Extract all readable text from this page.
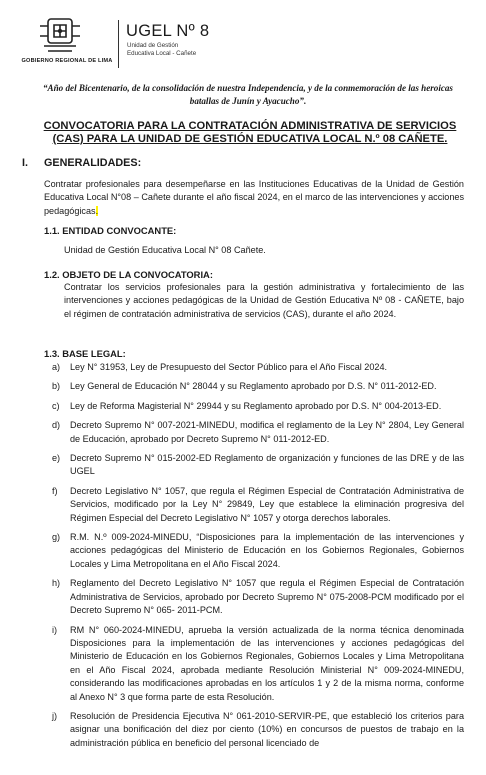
GOBIERNO REGIONAL DE LIMA
UGEL Nº 8
Unidad de Gestión
Educativa Local - Cañete
“Año del Bicentenario, de la consolidación de nuestra Independencia, y de la conmemoración de las heroicas batallas de Junín y Ayacucho”.
CONVOCATORIA PARA LA CONTRATACIÓN ADMINISTRATIVA DE SERVICIOS
(CAS) PARA LA UNIDAD DE GESTIÓN EDUCATIVA LOCAL N.º 08 CAÑETE.
I. GENERALIDADES:
Contratar profesionales para desempeñarse en las Instituciones Educativas de la Unidad de Gestión Educativa Local N°08 – Cañete durante el año fiscal 2024, en el marco de las intervenciones y acciones pedagógicas.
1.1. ENTIDAD CONVOCANTE:
Unidad de Gestión Educativa Local N° 08 Cañete.
1.2. OBJETO DE LA CONVOCATORIA:
Contratar los servicios profesionales para la gestión administrativa y fortalecimiento de las intervenciones y acciones pedagógicas de la Unidad de Gestión Educativa Nº 08 - CAÑETE, bajo el régimen de contratación administrativa de servicios (CAS), durante el año 2024.
1.3. BASE LEGAL:
a) Ley N° 31953, Ley de Presupuesto del Sector Público para el Año Fiscal 2024.
b) Ley General de Educación N° 28044 y su Reglamento aprobado por D.S. N° 011-2012-ED.
c) Ley de Reforma Magisterial N° 29944 y su Reglamento aprobado por D.S. N° 004-2013-ED.
d) Decreto Supremo N° 007-2021-MINEDU, modifica el reglamento de la Ley N° 2804, Ley General de Educación, aprobado por Decreto Supremo N° 011-2012-ED.
e) Decreto Supremo N° 015-2002-ED Reglamento de organización y funciones de las DRE y de las UGEL
f) Decreto Legislativo N° 1057, que regula el Régimen Especial de Contratación Administrativa de Servicios, modificado por la Ley N° 29849, Ley que establece la eliminación progresiva del Régimen Especial del Decreto Legislativo N° 1057 y otorga derechos laborales.
g) R.M. N.º 009-2024-MINEDU, “Disposiciones para la implementación de las intervenciones y acciones pedagógicas del Ministerio de Educación en los Gobiernos Regionales, Gobiernos Locales y Lima Metropolitana en el Año Fiscal 2024.
h) Reglamento del Decreto Legislativo N° 1057 que regula el Régimen Especial de Contratación Administrativa de Servicios, aprobado por Decreto Supremo N° 075-2008-PCM modificado por el Decreto Supremo N° 065- 2011-PCM.
i) RM N° 060-2024-MINEDU, aprueba la versión actualizada de la norma técnica denominada Disposiciones para la implementación de las intervenciones y acciones pedagógicas del Ministerio de Educación en los Gobiernos Regionales, Gobiernos Locales y Lima Metropolitana en el Año Fiscal 2024, aprobada mediante Resolución Ministerial N° 009-2024-MINEDU, considerando las modificaciones aprobadas en los artículos 1 y 2 de la misma norma, conforme al Anexo N° 3 que forma parte de esta Resolución.
j) Resolución de Presidencia Ejecutiva N° 061-2010-SERVIR-PE, que estableció los criterios para asignar una bonificación del diez por ciento (10%) en concursos de puestos de trabajo en la administración pública en beneficio del personal licenciado de
